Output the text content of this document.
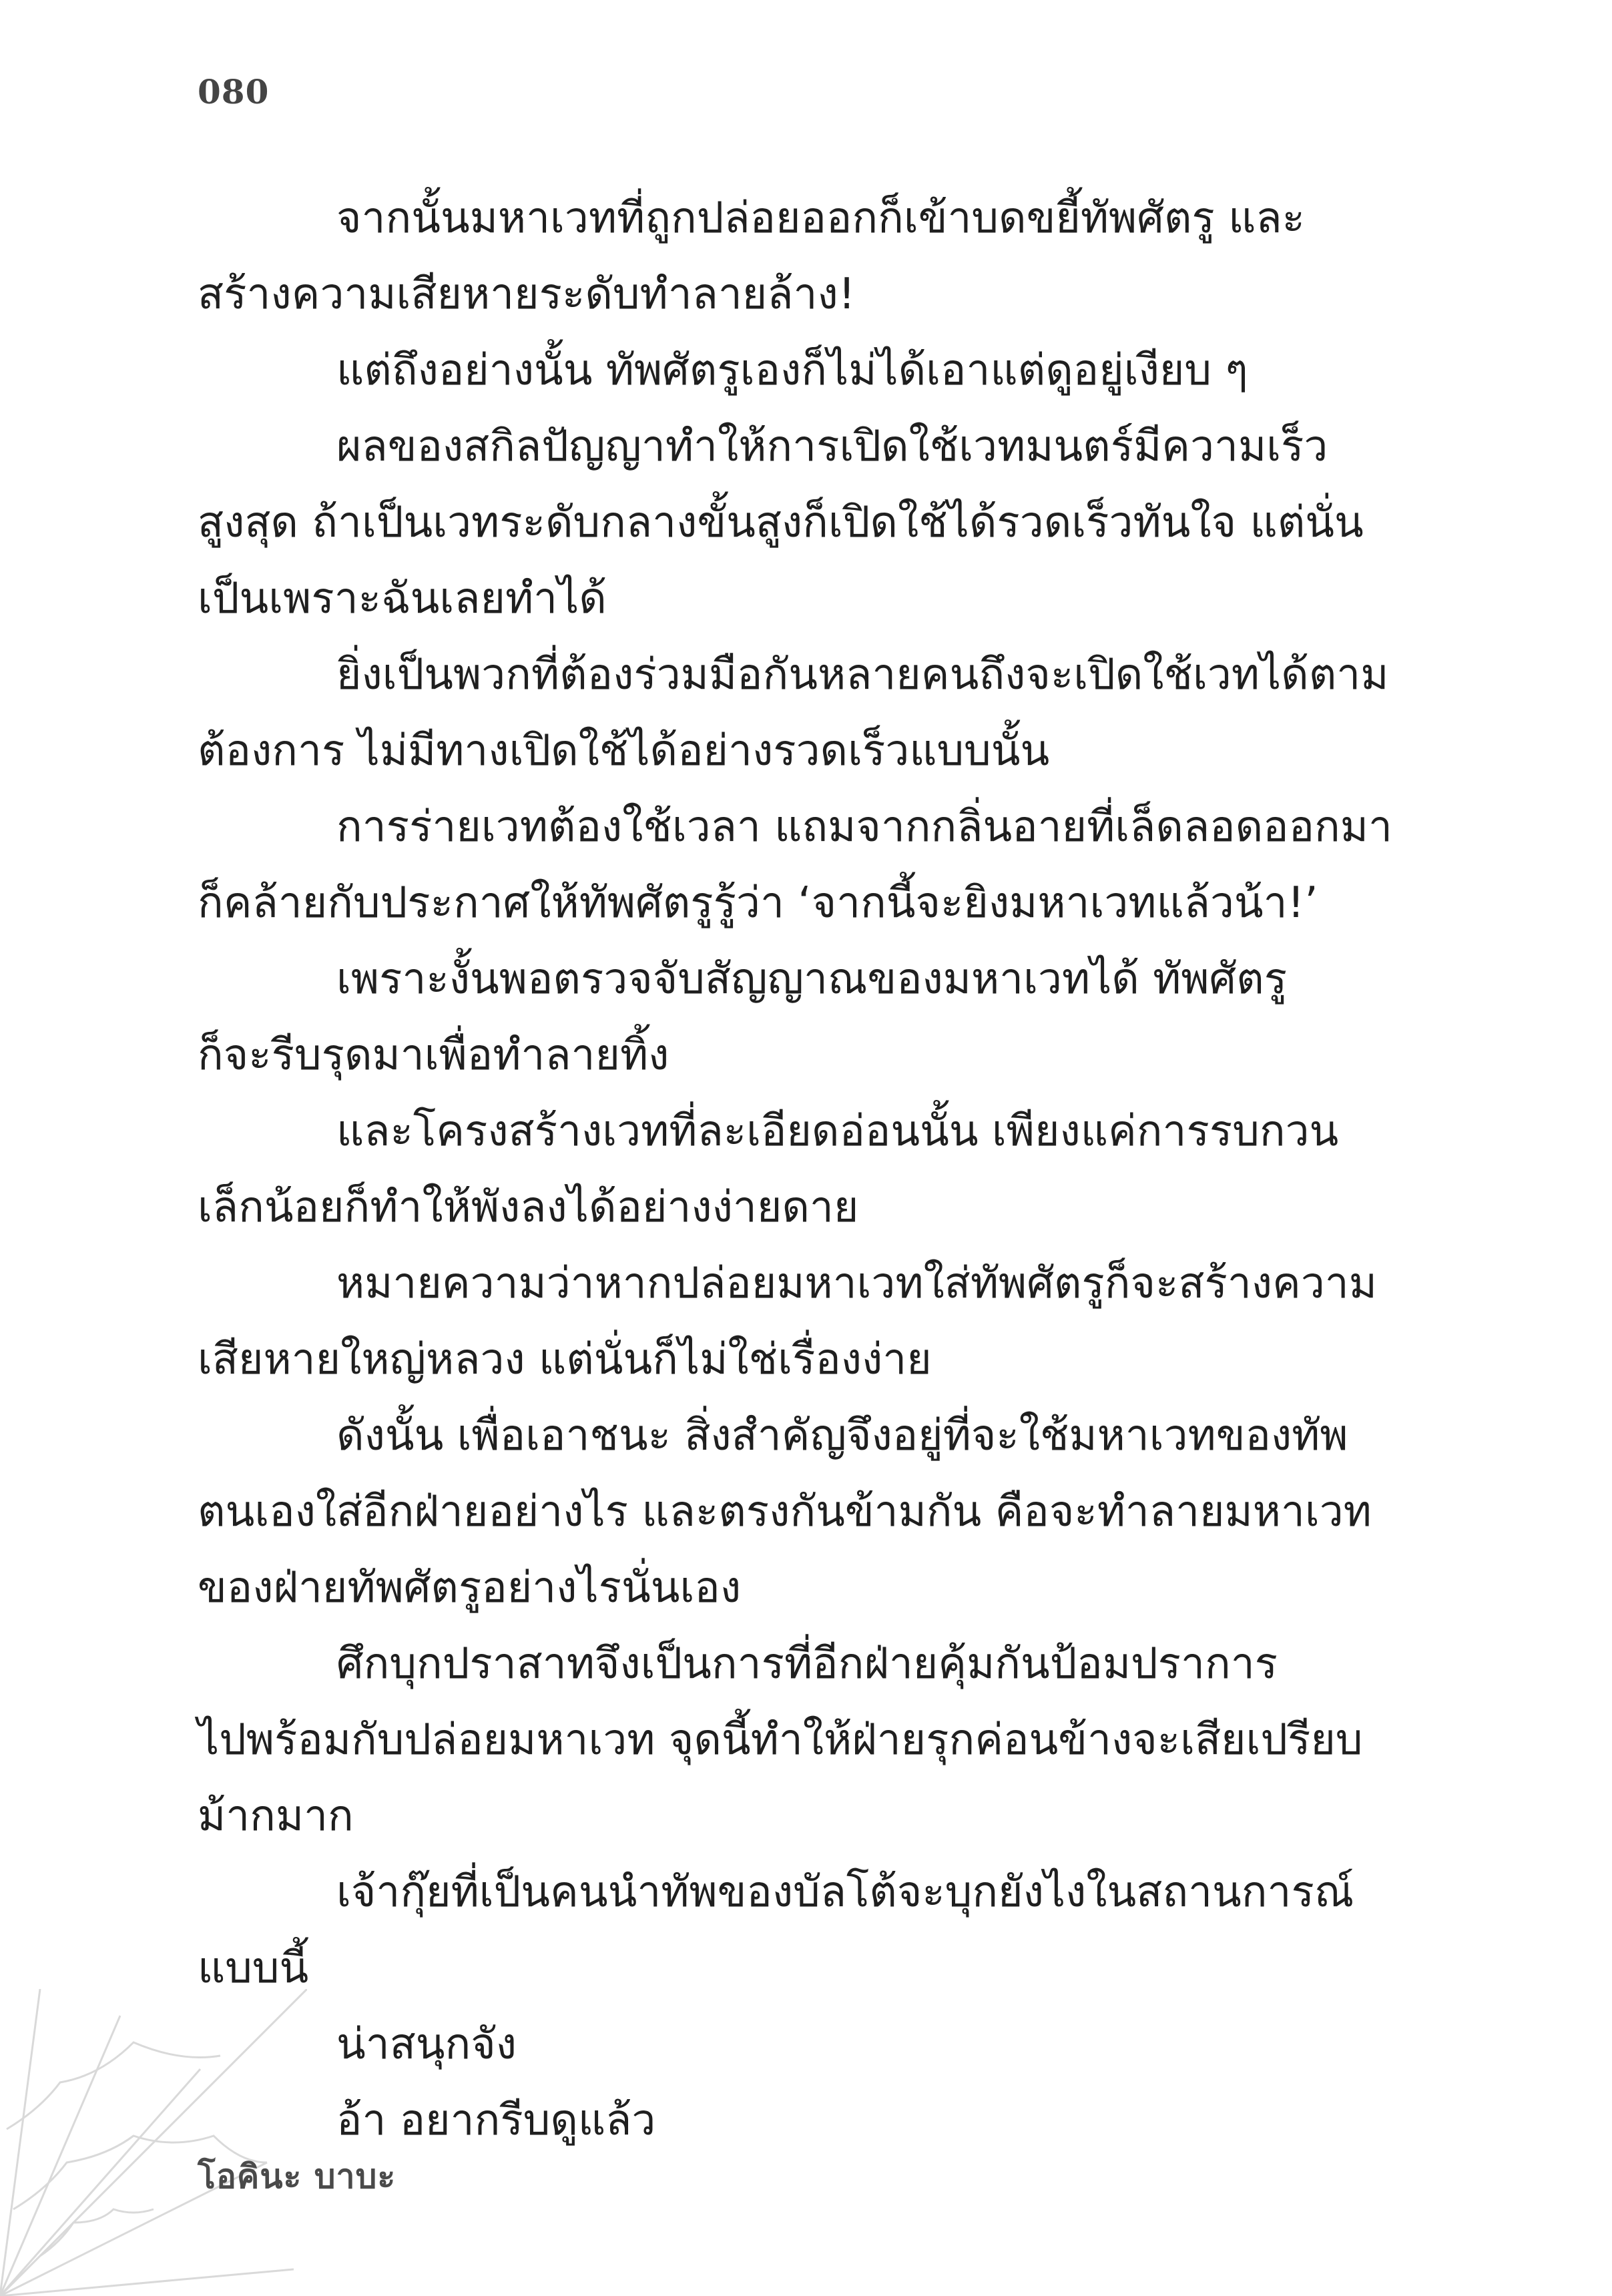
080
จากนั้นมหาเวทที่ถูกปล่อยออกก็เข้าบดขยี้ทัพศัตรู และ
สร้างความเสียหายระดับทำลายล้าง!
แต่ถึงอย่างนั้น ทัพศัตรูเองก็ไม่ได้เอาแต่ดูอยู่เงียบ ๆ
ผลของสกิลปัญญาทำให้การเปิดใช้เวทมนตร์มีความเร็ว
สูงสุด ถ้าเป็นเวทระดับกลางขั้นสูงก็เปิดใช้ได้รวดเร็วทันใจ แต่นั่น
เป็นเพราะฉันเลยทำได้
ยิ่งเป็นพวกที่ต้องร่วมมือกันหลายคนถึงจะเปิดใช้เวทได้ตาม
ต้องการ ไม่มีทางเปิดใช้ได้อย่างรวดเร็วแบบนั้น
การร่ายเวทต้องใช้เวลา แถมจากกลิ่นอายที่เล็ดลอดออกมา
ก็คล้ายกับประกาศให้ทัพศัตรูรู้ว่า ‘จากนี้จะยิงมหาเวทแล้วน้า!’
เพราะงั้นพอตรวจจับสัญญาณของมหาเวทได้ ทัพศัตรู
ก็จะรีบรุดมาเพื่อทำลายทิ้ง
และโครงสร้างเวทที่ละเอียดอ่อนนั้น เพียงแค่การรบกวน
เล็กน้อยก็ทำให้พังลงได้อย่างง่ายดาย
หมายความว่าหากปล่อยมหาเวทใส่ทัพศัตรูก็จะสร้างความ
เสียหายใหญ่หลวง แต่นั่นก็ไม่ใช่เรื่องง่าย
ดังนั้น เพื่อเอาชนะ สิ่งสำคัญจึงอยู่ที่จะใช้มหาเวทของทัพ
ตนเองใส่อีกฝ่ายอย่างไร และตรงกันข้ามกัน คือจะทำลายมหาเวท
ของฝ่ายทัพศัตรูอย่างไรนั่นเอง
ศึกบุกปราสาทจึงเป็นการที่อีกฝ่ายคุ้มกันป้อมปราการ
ไปพร้อมกับปล่อยมหาเวท จุดนี้ทำให้ฝ่ายรุกค่อนข้างจะเสียเปรียบ
ม้ากมาก
เจ้ากุ๊ยที่เป็นคนนำทัพของบัลโต้จะบุกยังไงในสถานการณ์
แบบนี้
น่าสนุกจัง
อ้า อยากรีบดูแล้ว
โอคินะ บาบะ
